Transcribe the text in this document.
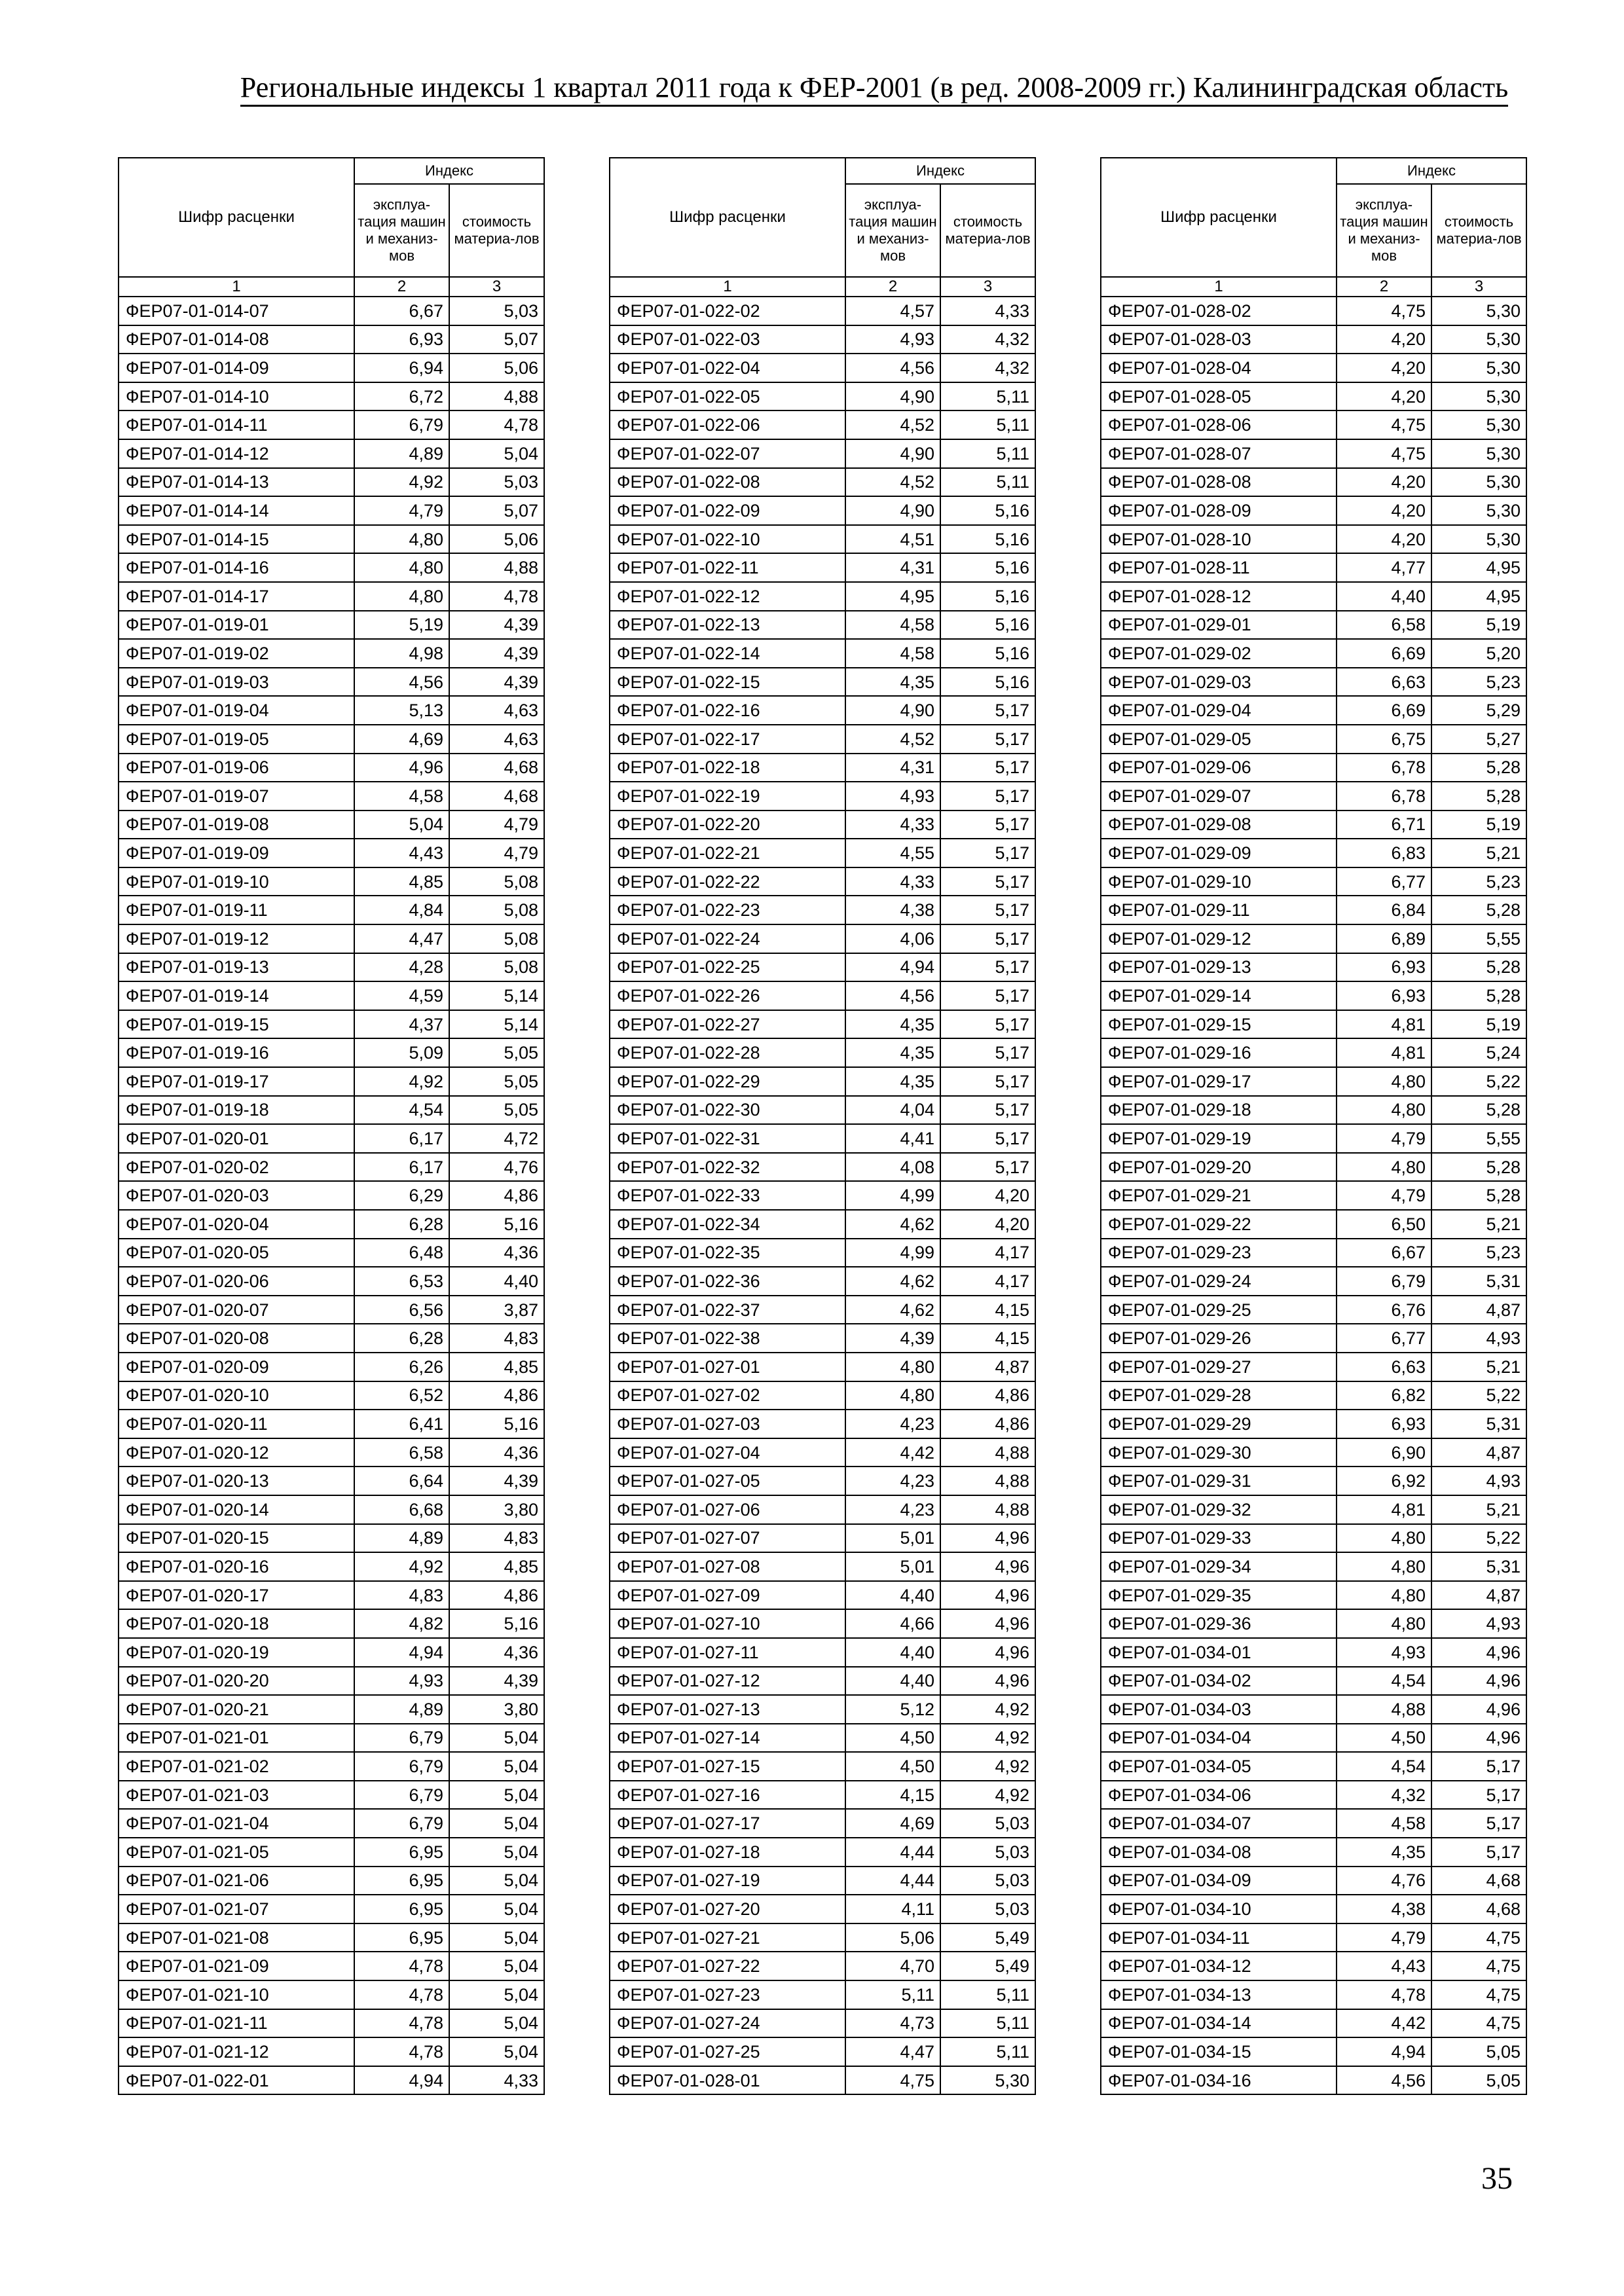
Региональные индексы 1 квартал 2011 года к ФЕР-2001 (в ред. 2008-2009 гг.) Калининградская область
Шифр расценки	Индекс	
	эксплуа-тация машин и механиз-мов	стоимость материа-лов
1	2	3
ФЕР07-01-014-07	6,67	5,03
ФЕР07-01-014-08	6,93	5,07
ФЕР07-01-014-09	6,94	5,06
ФЕР07-01-014-10	6,72	4,88
ФЕР07-01-014-11	6,79	4,78
ФЕР07-01-014-12	4,89	5,04
ФЕР07-01-014-13	4,92	5,03
ФЕР07-01-014-14	4,79	5,07
ФЕР07-01-014-15	4,80	5,06
ФЕР07-01-014-16	4,80	4,88
ФЕР07-01-014-17	4,80	4,78
ФЕР07-01-019-01	5,19	4,39
ФЕР07-01-019-02	4,98	4,39
ФЕР07-01-019-03	4,56	4,39
ФЕР07-01-019-04	5,13	4,63
ФЕР07-01-019-05	4,69	4,63
ФЕР07-01-019-06	4,96	4,68
ФЕР07-01-019-07	4,58	4,68
ФЕР07-01-019-08	5,04	4,79
ФЕР07-01-019-09	4,43	4,79
ФЕР07-01-019-10	4,85	5,08
ФЕР07-01-019-11	4,84	5,08
ФЕР07-01-019-12	4,47	5,08
ФЕР07-01-019-13	4,28	5,08
ФЕР07-01-019-14	4,59	5,14
ФЕР07-01-019-15	4,37	5,14
ФЕР07-01-019-16	5,09	5,05
ФЕР07-01-019-17	4,92	5,05
ФЕР07-01-019-18	4,54	5,05
ФЕР07-01-020-01	6,17	4,72
ФЕР07-01-020-02	6,17	4,76
ФЕР07-01-020-03	6,29	4,86
ФЕР07-01-020-04	6,28	5,16
ФЕР07-01-020-05	6,48	4,36
ФЕР07-01-020-06	6,53	4,40
ФЕР07-01-020-07	6,56	3,87
ФЕР07-01-020-08	6,28	4,83
ФЕР07-01-020-09	6,26	4,85
ФЕР07-01-020-10	6,52	4,86
ФЕР07-01-020-11	6,41	5,16
ФЕР07-01-020-12	6,58	4,36
ФЕР07-01-020-13	6,64	4,39
ФЕР07-01-020-14	6,68	3,80
ФЕР07-01-020-15	4,89	4,83
ФЕР07-01-020-16	4,92	4,85
ФЕР07-01-020-17	4,83	4,86
ФЕР07-01-020-18	4,82	5,16
ФЕР07-01-020-19	4,94	4,36
ФЕР07-01-020-20	4,93	4,39
ФЕР07-01-020-21	4,89	3,80
ФЕР07-01-021-01	6,79	5,04
ФЕР07-01-021-02	6,79	5,04
ФЕР07-01-021-03	6,79	5,04
ФЕР07-01-021-04	6,79	5,04
ФЕР07-01-021-05	6,95	5,04
ФЕР07-01-021-06	6,95	5,04
ФЕР07-01-021-07	6,95	5,04
ФЕР07-01-021-08	6,95	5,04
ФЕР07-01-021-09	4,78	5,04
ФЕР07-01-021-10	4,78	5,04
ФЕР07-01-021-11	4,78	5,04
ФЕР07-01-021-12	4,78	5,04
ФЕР07-01-022-01	4,94	4,33
Шифр расценки	Индекс	
	эксплуа-тация машин и механиз-мов	стоимость материа-лов
1	2	3
ФЕР07-01-022-02	4,57	4,33
ФЕР07-01-022-03	4,93	4,32
ФЕР07-01-022-04	4,56	4,32
ФЕР07-01-022-05	4,90	5,11
ФЕР07-01-022-06	4,52	5,11
ФЕР07-01-022-07	4,90	5,11
ФЕР07-01-022-08	4,52	5,11
ФЕР07-01-022-09	4,90	5,16
ФЕР07-01-022-10	4,51	5,16
ФЕР07-01-022-11	4,31	5,16
ФЕР07-01-022-12	4,95	5,16
ФЕР07-01-022-13	4,58	5,16
ФЕР07-01-022-14	4,58	5,16
ФЕР07-01-022-15	4,35	5,16
ФЕР07-01-022-16	4,90	5,17
ФЕР07-01-022-17	4,52	5,17
ФЕР07-01-022-18	4,31	5,17
ФЕР07-01-022-19	4,93	5,17
ФЕР07-01-022-20	4,33	5,17
ФЕР07-01-022-21	4,55	5,17
ФЕР07-01-022-22	4,33	5,17
ФЕР07-01-022-23	4,38	5,17
ФЕР07-01-022-24	4,06	5,17
ФЕР07-01-022-25	4,94	5,17
ФЕР07-01-022-26	4,56	5,17
ФЕР07-01-022-27	4,35	5,17
ФЕР07-01-022-28	4,35	5,17
ФЕР07-01-022-29	4,35	5,17
ФЕР07-01-022-30	4,04	5,17
ФЕР07-01-022-31	4,41	5,17
ФЕР07-01-022-32	4,08	5,17
ФЕР07-01-022-33	4,99	4,20
ФЕР07-01-022-34	4,62	4,20
ФЕР07-01-022-35	4,99	4,17
ФЕР07-01-022-36	4,62	4,17
ФЕР07-01-022-37	4,62	4,15
ФЕР07-01-022-38	4,39	4,15
ФЕР07-01-027-01	4,80	4,87
ФЕР07-01-027-02	4,80	4,86
ФЕР07-01-027-03	4,23	4,86
ФЕР07-01-027-04	4,42	4,88
ФЕР07-01-027-05	4,23	4,88
ФЕР07-01-027-06	4,23	4,88
ФЕР07-01-027-07	5,01	4,96
ФЕР07-01-027-08	5,01	4,96
ФЕР07-01-027-09	4,40	4,96
ФЕР07-01-027-10	4,66	4,96
ФЕР07-01-027-11	4,40	4,96
ФЕР07-01-027-12	4,40	4,96
ФЕР07-01-027-13	5,12	4,92
ФЕР07-01-027-14	4,50	4,92
ФЕР07-01-027-15	4,50	4,92
ФЕР07-01-027-16	4,15	4,92
ФЕР07-01-027-17	4,69	5,03
ФЕР07-01-027-18	4,44	5,03
ФЕР07-01-027-19	4,44	5,03
ФЕР07-01-027-20	4,11	5,03
ФЕР07-01-027-21	5,06	5,49
ФЕР07-01-027-22	4,70	5,49
ФЕР07-01-027-23	5,11	5,11
ФЕР07-01-027-24	4,73	5,11
ФЕР07-01-027-25	4,47	5,11
ФЕР07-01-028-01	4,75	5,30
Шифр расценки	Индекс	
	эксплуа-тация машин и механиз-мов	стоимость материа-лов
1	2	3
ФЕР07-01-028-02	4,75	5,30
ФЕР07-01-028-03	4,20	5,30
ФЕР07-01-028-04	4,20	5,30
ФЕР07-01-028-05	4,20	5,30
ФЕР07-01-028-06	4,75	5,30
ФЕР07-01-028-07	4,75	5,30
ФЕР07-01-028-08	4,20	5,30
ФЕР07-01-028-09	4,20	5,30
ФЕР07-01-028-10	4,20	5,30
ФЕР07-01-028-11	4,77	4,95
ФЕР07-01-028-12	4,40	4,95
ФЕР07-01-029-01	6,58	5,19
ФЕР07-01-029-02	6,69	5,20
ФЕР07-01-029-03	6,63	5,23
ФЕР07-01-029-04	6,69	5,29
ФЕР07-01-029-05	6,75	5,27
ФЕР07-01-029-06	6,78	5,28
ФЕР07-01-029-07	6,78	5,28
ФЕР07-01-029-08	6,71	5,19
ФЕР07-01-029-09	6,83	5,21
ФЕР07-01-029-10	6,77	5,23
ФЕР07-01-029-11	6,84	5,28
ФЕР07-01-029-12	6,89	5,55
ФЕР07-01-029-13	6,93	5,28
ФЕР07-01-029-14	6,93	5,28
ФЕР07-01-029-15	4,81	5,19
ФЕР07-01-029-16	4,81	5,24
ФЕР07-01-029-17	4,80	5,22
ФЕР07-01-029-18	4,80	5,28
ФЕР07-01-029-19	4,79	5,55
ФЕР07-01-029-20	4,80	5,28
ФЕР07-01-029-21	4,79	5,28
ФЕР07-01-029-22	6,50	5,21
ФЕР07-01-029-23	6,67	5,23
ФЕР07-01-029-24	6,79	5,31
ФЕР07-01-029-25	6,76	4,87
ФЕР07-01-029-26	6,77	4,93
ФЕР07-01-029-27	6,63	5,21
ФЕР07-01-029-28	6,82	5,22
ФЕР07-01-029-29	6,93	5,31
ФЕР07-01-029-30	6,90	4,87
ФЕР07-01-029-31	6,92	4,93
ФЕР07-01-029-32	4,81	5,21
ФЕР07-01-029-33	4,80	5,22
ФЕР07-01-029-34	4,80	5,31
ФЕР07-01-029-35	4,80	4,87
ФЕР07-01-029-36	4,80	4,93
ФЕР07-01-034-01	4,93	4,96
ФЕР07-01-034-02	4,54	4,96
ФЕР07-01-034-03	4,88	4,96
ФЕР07-01-034-04	4,50	4,96
ФЕР07-01-034-05	4,54	5,17
ФЕР07-01-034-06	4,32	5,17
ФЕР07-01-034-07	4,58	5,17
ФЕР07-01-034-08	4,35	5,17
ФЕР07-01-034-09	4,76	4,68
ФЕР07-01-034-10	4,38	4,68
ФЕР07-01-034-11	4,79	4,75
ФЕР07-01-034-12	4,43	4,75
ФЕР07-01-034-13	4,78	4,75
ФЕР07-01-034-14	4,42	4,75
ФЕР07-01-034-15	4,94	5,05
ФЕР07-01-034-16	4,56	5,05
35
